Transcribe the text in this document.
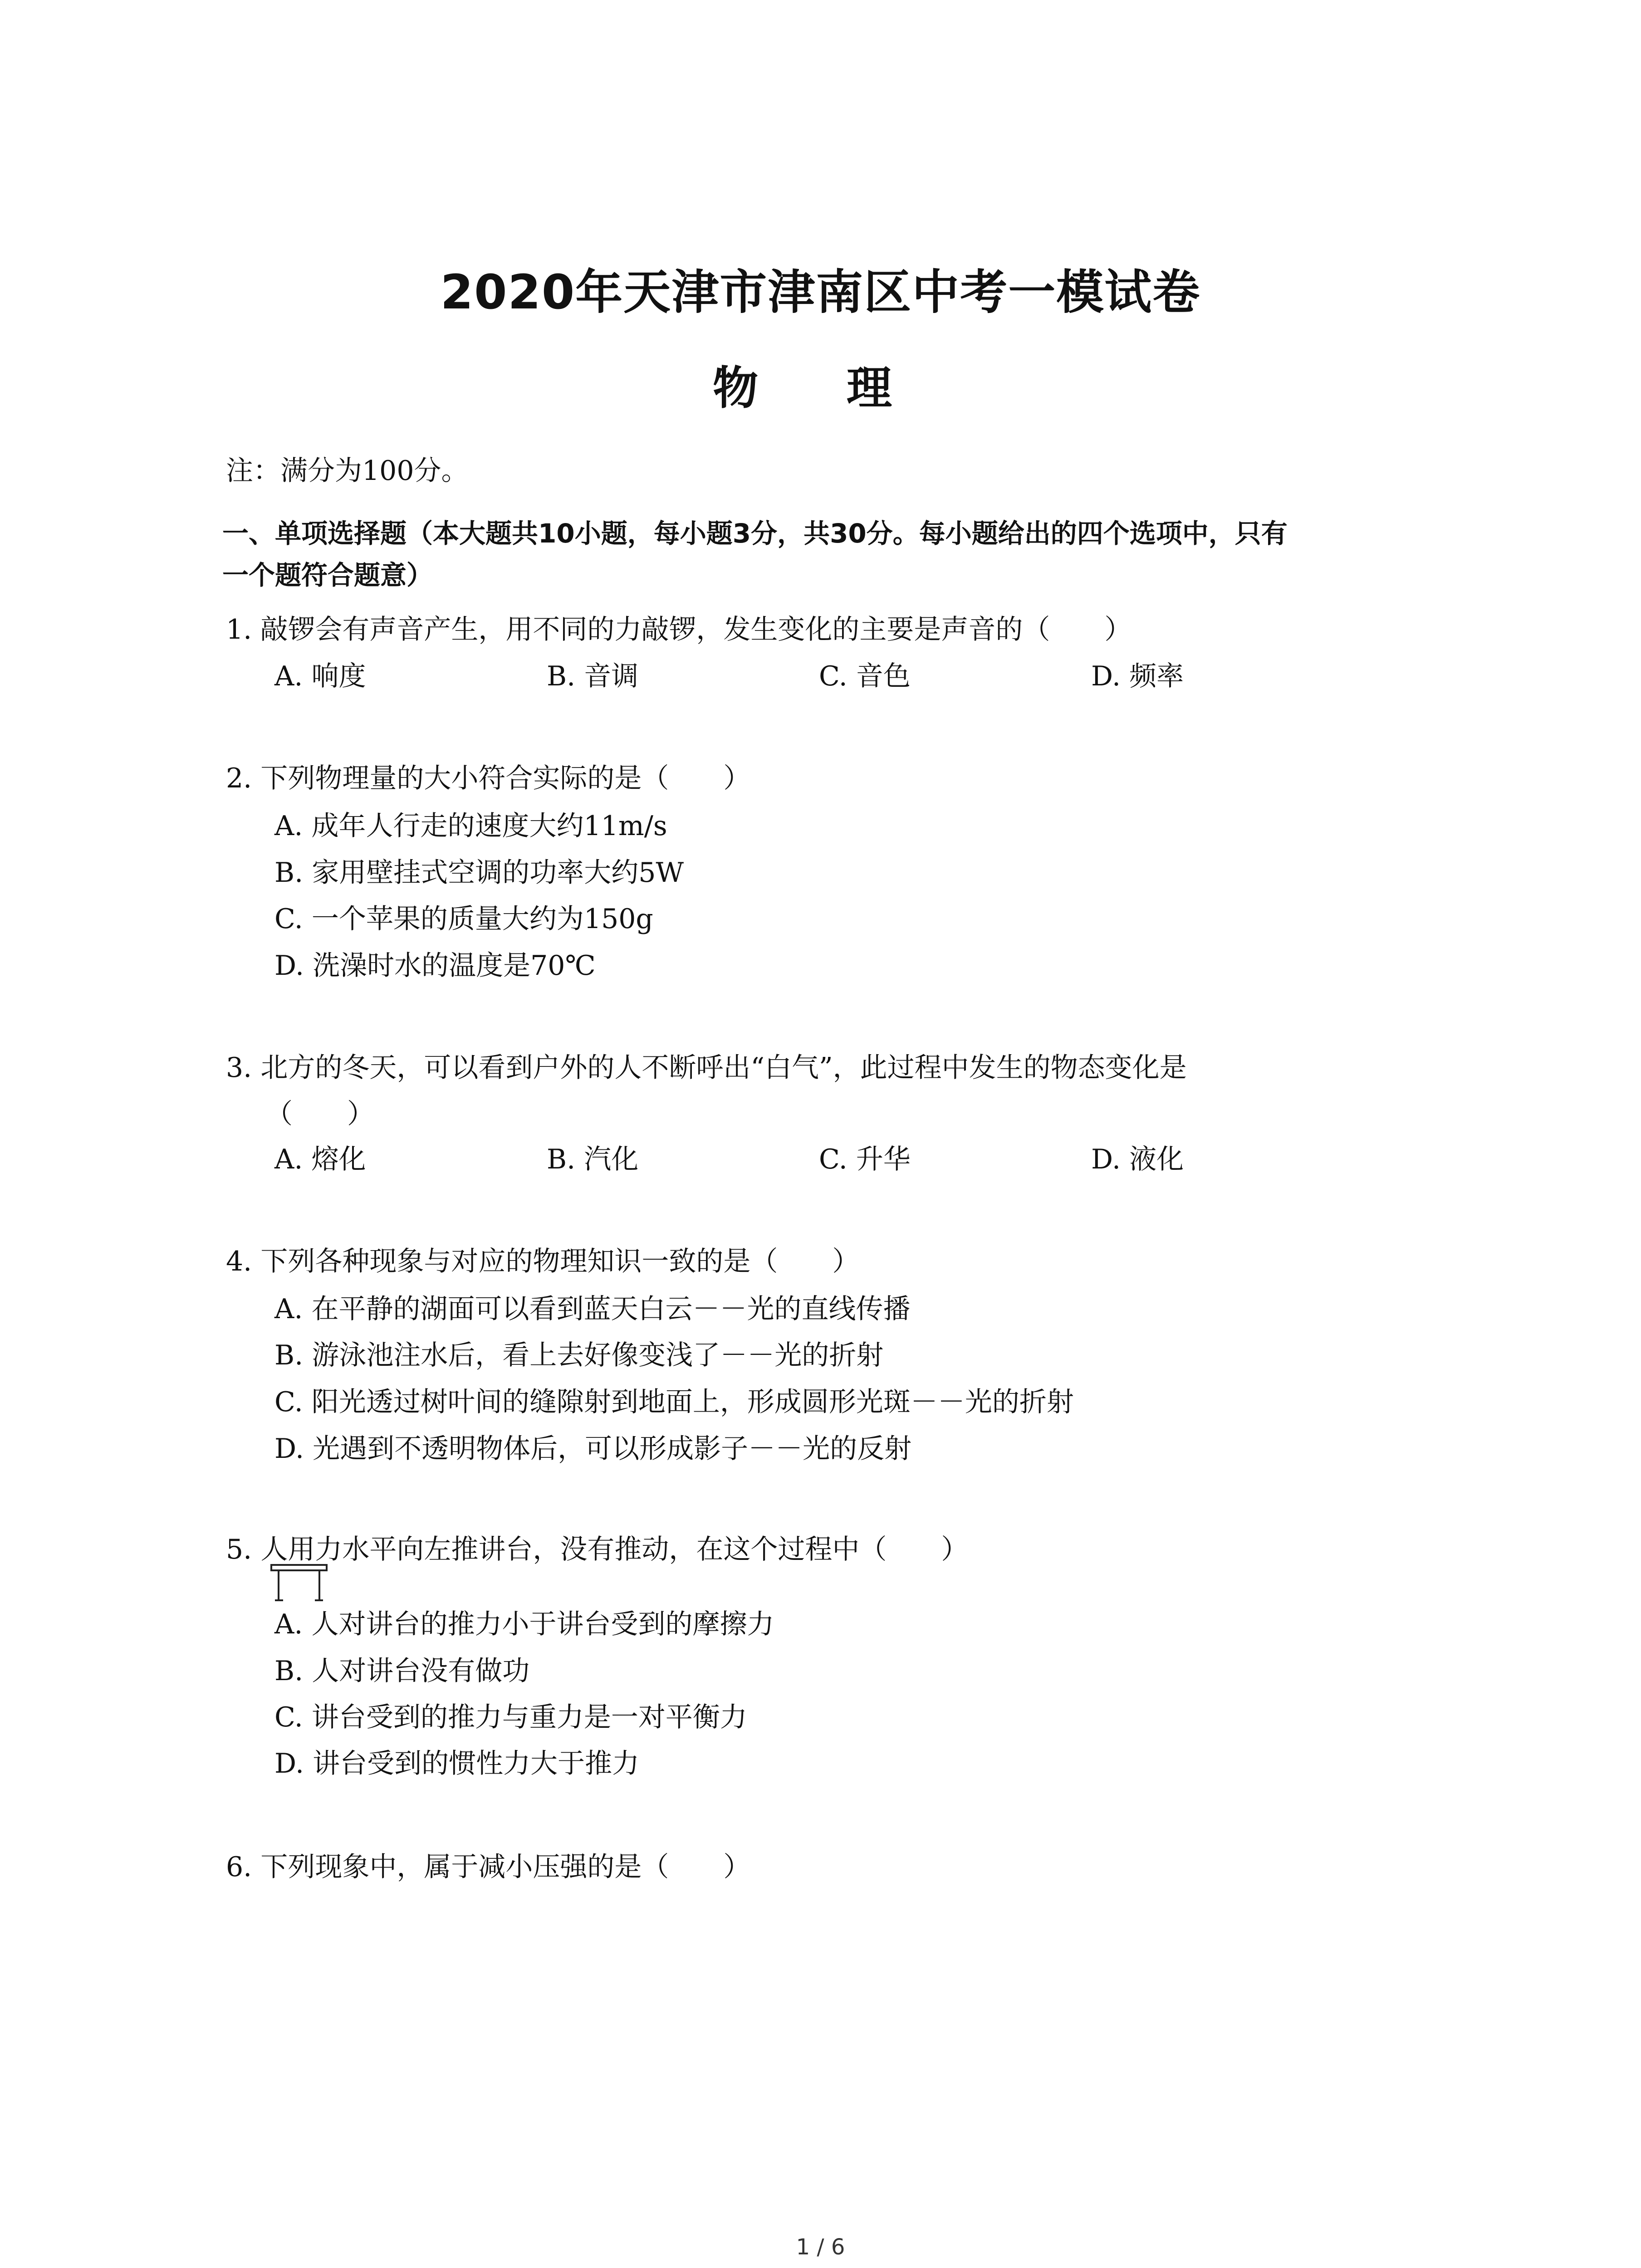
2020年天津市津南区中考一模试卷
物 理
注：满分为100分。
一、单项选择题（本大题共10小题，每小题3分，共30分。每小题给出的四个选项中，只有
一个题符合题意）
1. 敲锣会有声音产生，用不同的力敲锣，发生变化的主要是声音的（　　）
A. 响度	B. 音调	C. 音色	D. 频率
2. 下列物理量的大小符合实际的是（　　）
A. 成年人行走的速度大约11m/s
B. 家用壁挂式空调的功率大约5W
C. 一个苹果的质量大约为150g
D. 洗澡时水的温度是70℃
3. 北方的冬天，可以看到户外的人不断呼出“白气”，此过程中发生的物态变化是
（　　）
A. 熔化	B. 汽化	C. 升华	D. 液化
4. 下列各种现象与对应的物理知识一致的是（　　）
A. 在平静的湖面可以看到蓝天白云－－光的直线传播
B. 游泳池注水后，看上去好像变浅了－－光的折射
C. 阳光透过树叶间的缝隙射到地面上，形成圆形光斑－－光的折射
D. 光遇到不透明物体后，可以形成影子－－光的反射
5. 人用力水平向左推讲台，没有推动，在这个过程中（　　）
A. 人对讲台的推力小于讲台受到的摩擦力
B. 人对讲台没有做功
C. 讲台受到的推力与重力是一对平衡力
D. 讲台受到的惯性力大于推力
6. 下列现象中，属于减小压强的是（　　）
1 / 6
